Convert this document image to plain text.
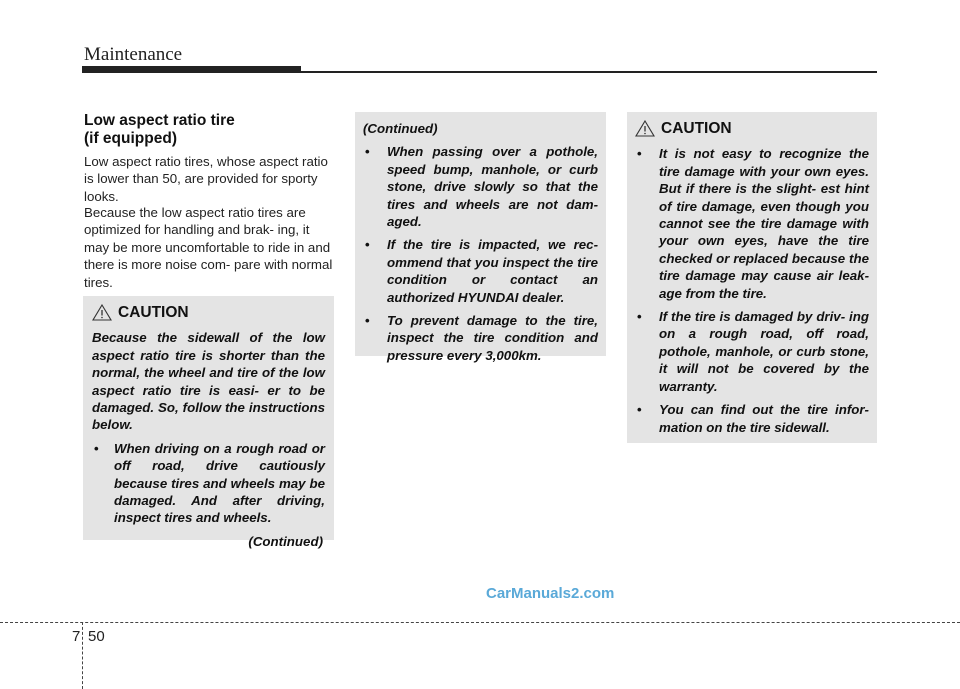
Maintenance
Low aspect ratio tire
(if equipped)

Low aspect ratio tires, whose aspect ratio is lower than 50, are provided for sporty looks.

Because the low aspect ratio tires are optimized for handling and brak- ing, it may be more uncomfortable to ride in and there is more noise com- pare with normal tires.

CAUTION

Because the sidewall of the low aspect ratio tire is shorter than the normal, the wheel and tire of the low aspect ratio tire is easi- er to be damaged. So, follow the instructions below.

• When driving on a rough road or off road, drive cautiously because tires and wheels may be damaged. And after driving, inspect tires and wheels.
(Continued)
(Continued)
• When passing over a pothole, speed bump, manhole, or curb stone, drive slowly so that the tires and wheels are not dam- aged.
• If the tire is impacted, we rec- ommend that you inspect the tire condition or contact an authorized HYUNDAI dealer.
• To prevent damage to the tire, inspect the tire condition and pressure every 3,000km.
CAUTION
• It is not easy to recognize the tire damage with your own eyes. But if there is the slight- est hint of tire damage, even though you cannot see the tire damage with your own eyes, have the tire checked or replaced because the tire damage may cause air leak- age from the tire.
• If the tire is damaged by driv- ing on a rough road, off road, pothole, manhole, or curb stone, it will not be covered by the warranty.
• You can find out the tire infor- mation on the tire sidewall.
CarManuals2.com
7 50
